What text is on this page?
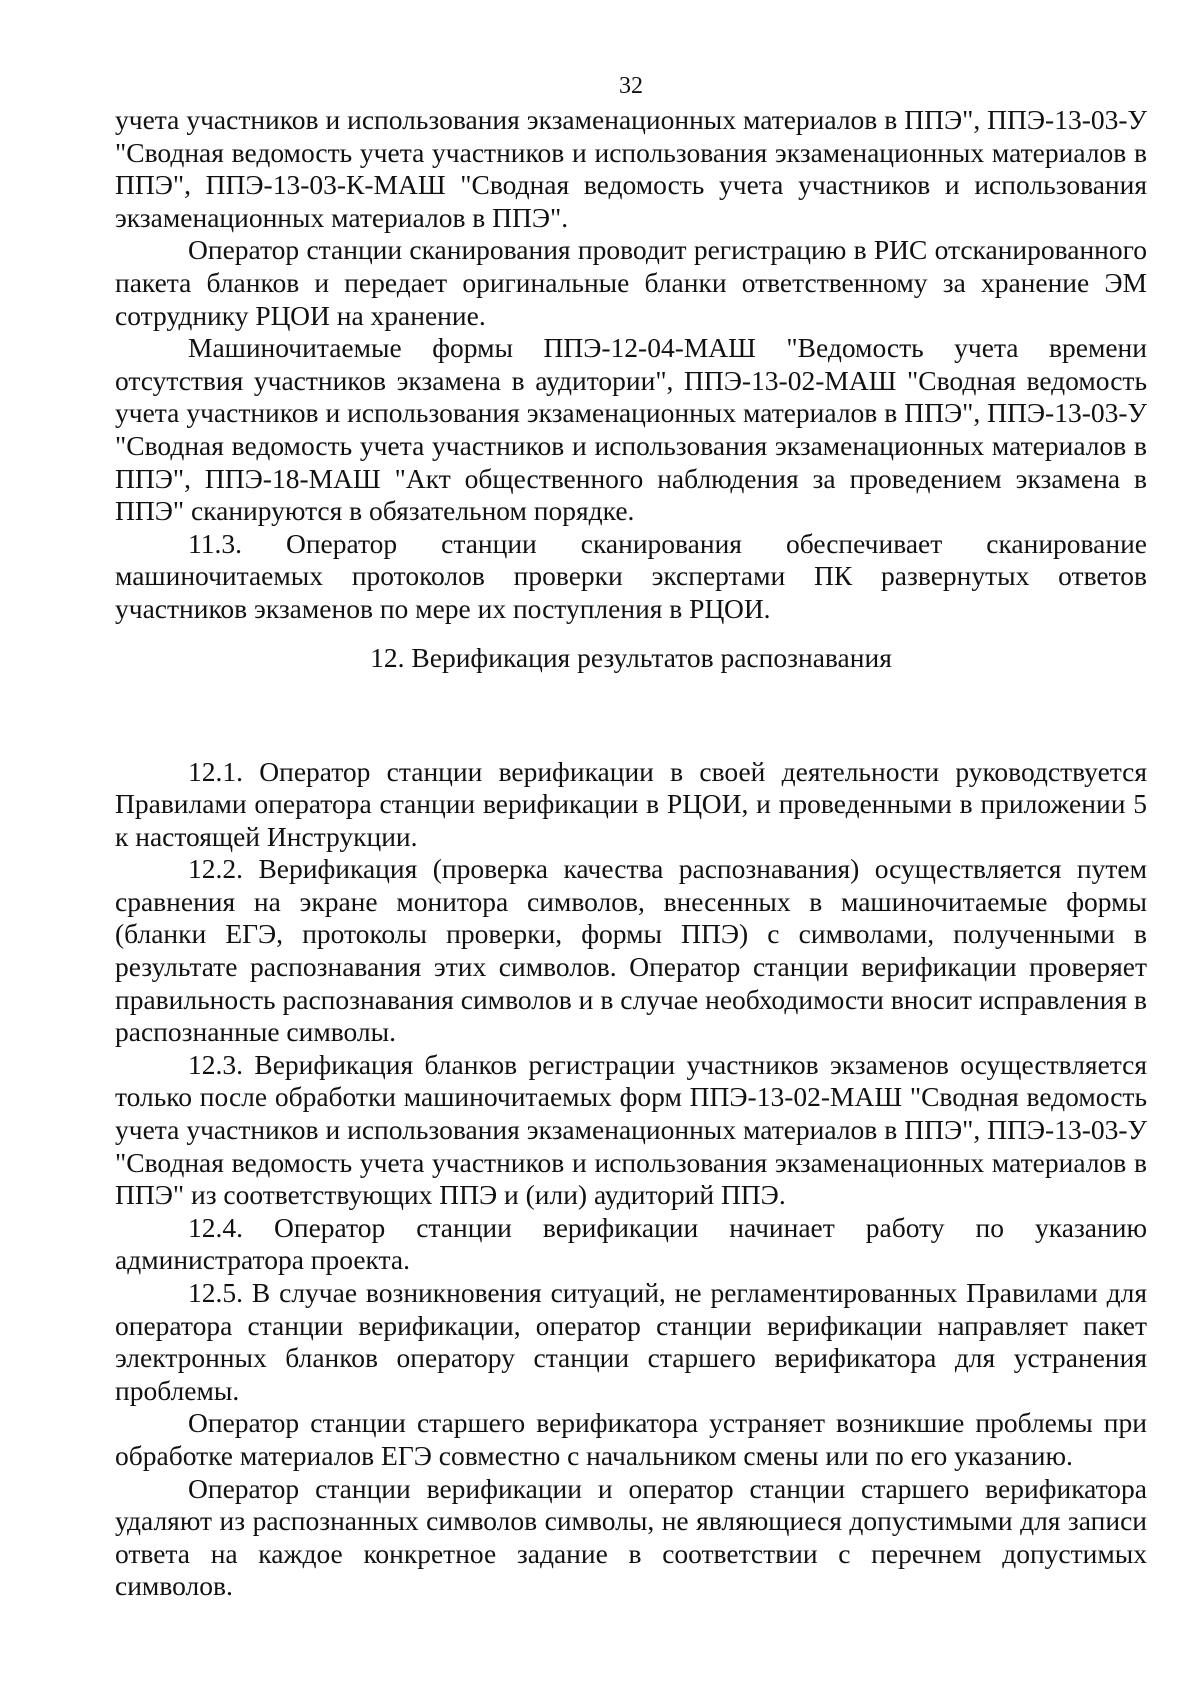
32

учета участников и использования экзаменационных материалов в ППЭ", ППЭ-13-03-У "Сводная ведомость учета участников и использования экзаменационных материалов в ППЭ", ППЭ-13-03-К-МАШ "Сводная ведомость учета участников и использования экзаменационных материалов в ППЭ".

Оператор станции сканирования проводит регистрацию в РИС отсканированного пакета бланков и передает оригинальные бланки ответственному за хранение ЭМ сотруднику РЦОИ на хранение.

Машиночитаемые формы ППЭ-12-04-МАШ "Ведомость учета времени отсутствия участников экзамена в аудитории", ППЭ-13-02-МАШ "Сводная ведомость учета участников и использования экзаменационных материалов в ППЭ", ППЭ-13-03-У "Сводная ведомость учета участников и использования экзаменационных материалов в ППЭ", ППЭ-18-МАШ "Акт общественного наблюдения за проведением экзамена в ППЭ" сканируются в обязательном порядке.

11.3. Оператор станции сканирования обеспечивает сканирование машиночитаемых протоколов проверки экспертами ПК развернутых ответов участников экзаменов по мере их поступления в РЦОИ.

12. Верификация результатов распознавания

12.1. Оператор станции верификации в своей деятельности руководствуется Правилами оператора станции верификации в РЦОИ, и проведенными в приложении 5 к настоящей Инструкции.

12.2. Верификация (проверка качества распознавания) осуществляется путем сравнения на экране монитора символов, внесенных в машиночитаемые формы (бланки ЕГЭ, протоколы проверки, формы ППЭ) с символами, полученными в результате распознавания этих символов. Оператор станции верификации проверяет правильность распознавания символов и в случае необходимости вносит исправления в распознанные символы.

12.3. Верификация бланков регистрации участников экзаменов осуществляется только после обработки машиночитаемых форм ППЭ-13-02-МАШ "Сводная ведомость учета участников и использования экзаменационных материалов в ППЭ", ППЭ-13-03-У "Сводная ведомость учета участников и использования экзаменационных материалов в ППЭ" из соответствующих ППЭ и (или) аудиторий ППЭ.

12.4. Оператор станции верификации начинает работу по указанию администратора проекта.

12.5. В случае возникновения ситуаций, не регламентированных Правилами для оператора станции верификации, оператор станции верификации направляет пакет электронных бланков оператору станции старшего верификатора для устранения проблемы.

Оператор станции старшего верификатора устраняет возникшие проблемы при обработке материалов ЕГЭ совместно с начальником смены или по его указанию.

Оператор станции верификации и оператор станции старшего верификатора удаляют из распознанных символов символы, не являющиеся допустимыми для записи ответа на каждое конкретное задание в соответствии с перечнем допустимых символов.
